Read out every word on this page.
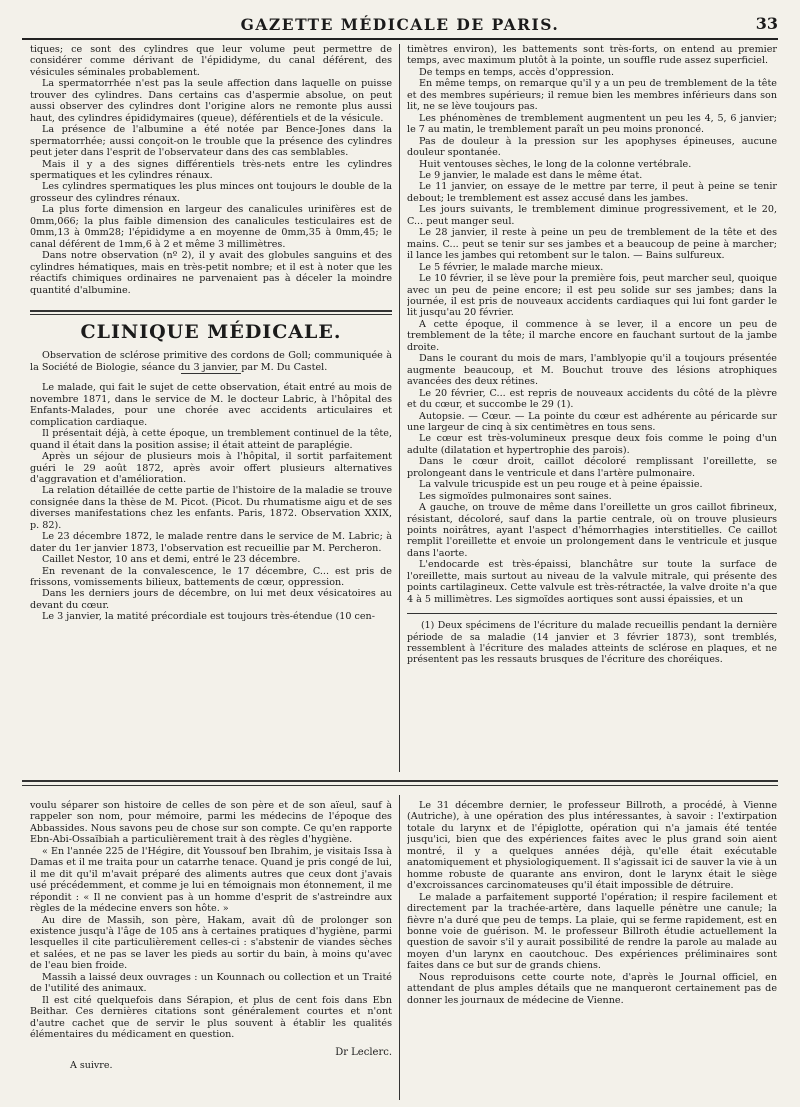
GAZETTE MÉDICALE DE PARIS.	33

tiques; ce sont des cylindres que leur volume peut permettre de considérer comme dérivant de l'épididyme, du canal déférent, des vésicules séminales probablement.

La spermatorrhée n'est pas la seule affection dans laquelle on puisse trouver des cylindres. Dans certains cas d'aspermie absolue, on peut aussi observer des cylindres dont l'origine alors ne remonte plus aussi haut, des cylindres épididymaires (queue), déférentiels et de la vésicule.

La présence de l'albumine a été notée par Bence-Jones dans la spermatorrhée; aussi conçoit-on le trouble que la présence des cylindres peut jeter dans l'esprit de l'observateur dans des cas semblables.

Mais il y a des signes différentiels très-nets entre les cylindres spermatiques et les cylindres rénaux.

Les cylindres spermatiques les plus minces ont toujours le double de la grosseur des cylindres rénaux.

La plus forte dimension en largeur des canalicules urinifères est de 0mm,066; la plus faible dimension des canalicules testiculaires est de 0mm,13 à 0mm28; l'épididyme a en moyenne de 0mm,35 à 0mm,45; le canal déférent de 1mm,6 à 2 et même 3 millimètres.

Dans notre observation (nº 2), il y avait des globules sanguins et des cylindres hématiques, mais en très-petit nombre; et il est à noter que les réactifs chimiques ordinaires ne parvenaient pas à déceler la moindre quantité d'albumine.

CLINIQUE MÉDICALE.

Observation de sclérose primitive des cordons de Goll; communiquée à la Société de Biologie, séance du 3 janvier, par M. Du Castel.

Le malade, qui fait le sujet de cette observation, était entré au mois de novembre 1871, dans le service de M. le docteur Labric, à l'hôpital des Enfants-Malades, pour une chorée avec accidents articulaires et complication cardiaque.

Il présentait déjà, à cette époque, un tremblement continuel de la tête, quand il était dans la position assise; il était atteint de paraplégie.

Après un séjour de plusieurs mois à l'hôpital, il sortit parfaitement guéri le 29 août 1872, après avoir offert plusieurs alternatives d'aggravation et d'amélioration.

La relation détaillée de cette partie de l'histoire de la maladie se trouve consignée dans la thèse de M. Picot. (Picot. Du rhumatisme aigu et de ses diverses manifestations chez les enfants. Paris, 1872. Observation XXIX, p. 82).

Le 23 décembre 1872, le malade rentre dans le service de M. Labric; à dater du 1er janvier 1873, l'observation est recueillie par M. Percheron.

Caillet Nestor, 10 ans et demi, entré le 23 décembre.

En revenant de la convalescence, le 17 décembre, C... est pris de frissons, vomissements bilieux, battements de cœur, oppression.

Dans les derniers jours de décembre, on lui met deux vésicatoires au devant du cœur.

Le 3 janvier, la matité précordiale est toujours très-étendue (10 cen-

timètres environ), les battements sont très-forts, on entend au premier temps, avec maximum plutôt à la pointe, un souffle rude assez superficiel.

De temps en temps, accès d'oppression.

En même temps, on remarque qu'il y a un peu de tremblement de la tête et des membres supérieurs; il remue bien les membres inférieurs dans son lit, ne se lève toujours pas.

Les phénomènes de tremblement augmentent un peu les 4, 5, 6 janvier; le 7 au matin, le tremblement paraît un peu moins prononcé.

Pas de douleur à la pression sur les apophyses épineuses, aucune douleur spontanée.

Huit ventouses sèches, le long de la colonne vertébrale.

Le 9 janvier, le malade est dans le même état.

Le 11 janvier, on essaye de le mettre par terre, il peut à peine se tenir debout; le tremblement est assez accusé dans les jambes.

Les jours suivants, le tremblement diminue progressivement, et le 20, C... peut manger seul.

Le 28 janvier, il reste à peine un peu de tremblement de la tête et des mains. C... peut se tenir sur ses jambes et a beaucoup de peine à marcher; il lance les jambes qui retombent sur le talon. — Bains sulfureux.

Le 5 février, le malade marche mieux.

Le 10 février, il se lève pour la première fois, peut marcher seul, quoique avec un peu de peine encore; il est peu solide sur ses jambes; dans la journée, il est pris de nouveaux accidents cardiaques qui lui font garder le lit jusqu'au 20 février.

A cette époque, il commence à se lever, il a encore un peu de tremblement de la tête; il marche encore en fauchant surtout de la jambe droite.

Dans le courant du mois de mars, l'amblyopie qu'il a toujours présentée augmente beaucoup, et M. Bouchut trouve des lésions atrophiques avancées des deux rétines.

Le 20 février, C... est repris de nouveaux accidents du côté de la plèvre et du cœur, et succombe le 29 (1).

Autopsie. — Cœur. — La pointe du cœur est adhérente au péricarde sur une largeur de cinq à six centimètres en tous sens.

Le cœur est très-volumineux presque deux fois comme le poing d'un adulte (dilatation et hypertrophie des parois).

Dans le cœur droit, caillot décoloré remplissant l'oreillette, se prolongeant dans le ventricule et dans l'artère pulmonaire.

La valvule tricuspide est un peu rouge et à peine épaissie.

Les sigmoïdes pulmonaires sont saines.

A gauche, on trouve de même dans l'oreillette un gros caillot fibrineux, résistant, décoloré, sauf dans la partie centrale, où on trouve plusieurs points noirâtres, ayant l'aspect d'hémorrhagies interstitielles. Ce caillot remplit l'oreillette et envoie un prolongement dans le ventricule et jusque dans l'aorte.

L'endocarde est très-épaissi, blanchâtre sur toute la surface de l'oreillette, mais surtout au niveau de la valvule mitrale, qui présente des points cartilagineux. Cette valvule est très-rétractée, la valve droite n'a que 4 à 5 millimètres. Les sigmoïdes aortiques sont aussi épaissies, et un

(1) Deux spécimens de l'écriture du malade recueillis pendant la dernière période de sa maladie (14 janvier et 3 février 1873), sont tremblés, ressemblent à l'écriture des malades atteints de sclérose en plaques, et ne présentent pas les ressauts brusques de l'écriture des choréiques.

voulu séparer son histoire de celles de son père et de son aïeul, sauf à rappeler son nom, pour mémoire, parmi les médecins de l'époque des Abbassides. Nous savons peu de chose sur son compte. Ce qu'en rapporte Ebn-Abi-Ossaïbiah a particulièrement trait à des règles d'hygiène.

« En l'année 225 de l'Hégire, dit Youssouf ben Ibrahim, je visitais Issa à Damas et il me traita pour un catarrhe tenace. Quand je pris congé de lui, il me dit qu'il m'avait préparé des aliments autres que ceux dont j'avais usé précédemment, et comme je lui en témoignais mon étonnement, il me répondit : « Il ne convient pas à un homme d'esprit de s'astreindre aux règles de la médecine envers son hôte. »

Au dire de Massih, son père, Hakam, avait dû de prolonger son existence jusqu'à l'âge de 105 ans à certaines pratiques d'hygiène, parmi lesquelles il cite particulièrement celles-ci : s'abstenir de viandes sèches et salées, et ne pas se laver les pieds au sortir du bain, à moins qu'avec de l'eau bien froide.

Massih a laissé deux ouvrages : un Kounnach ou collection et un Traité de l'utilité des animaux.

Il est cité quelquefois dans Sérapion, et plus de cent fois dans Ebn Beithar. Ces dernières citations sont généralement courtes et n'ont d'autre cachet que de servir le plus souvent à établir les qualités élémentaires du médicament en question.

Dr Leclerc.
A suivre.

Le 31 décembre dernier, le professeur Billroth, a procédé, à Vienne (Autriche), à une opération des plus intéressantes, à savoir : l'extirpation totale du larynx et de l'épiglotte, opération qui n'a jamais été tentée jusqu'ici, bien que des expériences faites avec le plus grand soin aient montré, il y a quelques années déjà, qu'elle était exécutable anatomiquement et physiologiquement. Il s'agissait ici de sauver la vie à un homme robuste de quarante ans environ, dont le larynx était le siège d'excroissances carcinomateuses qu'il était impossible de détruire.

Le malade a parfaitement supporté l'opération; il respire facilement et directement par la trachée-artère, dans laquelle pénètre une canule; la fièvre n'a duré que peu de temps. La plaie, qui se ferme rapidement, est en bonne voie de guérison. M. le professeur Billroth étudie actuellement la question de savoir s'il y aurait possibilité de rendre la parole au malade au moyen d'un larynx en caoutchouc. Des expériences préliminaires sont faites dans ce but sur de grands chiens.

Nous reproduisons cette courte note, d'après le Journal officiel, en attendant de plus amples détails que ne manqueront certainement pas de donner les journaux de médecine de Vienne.
